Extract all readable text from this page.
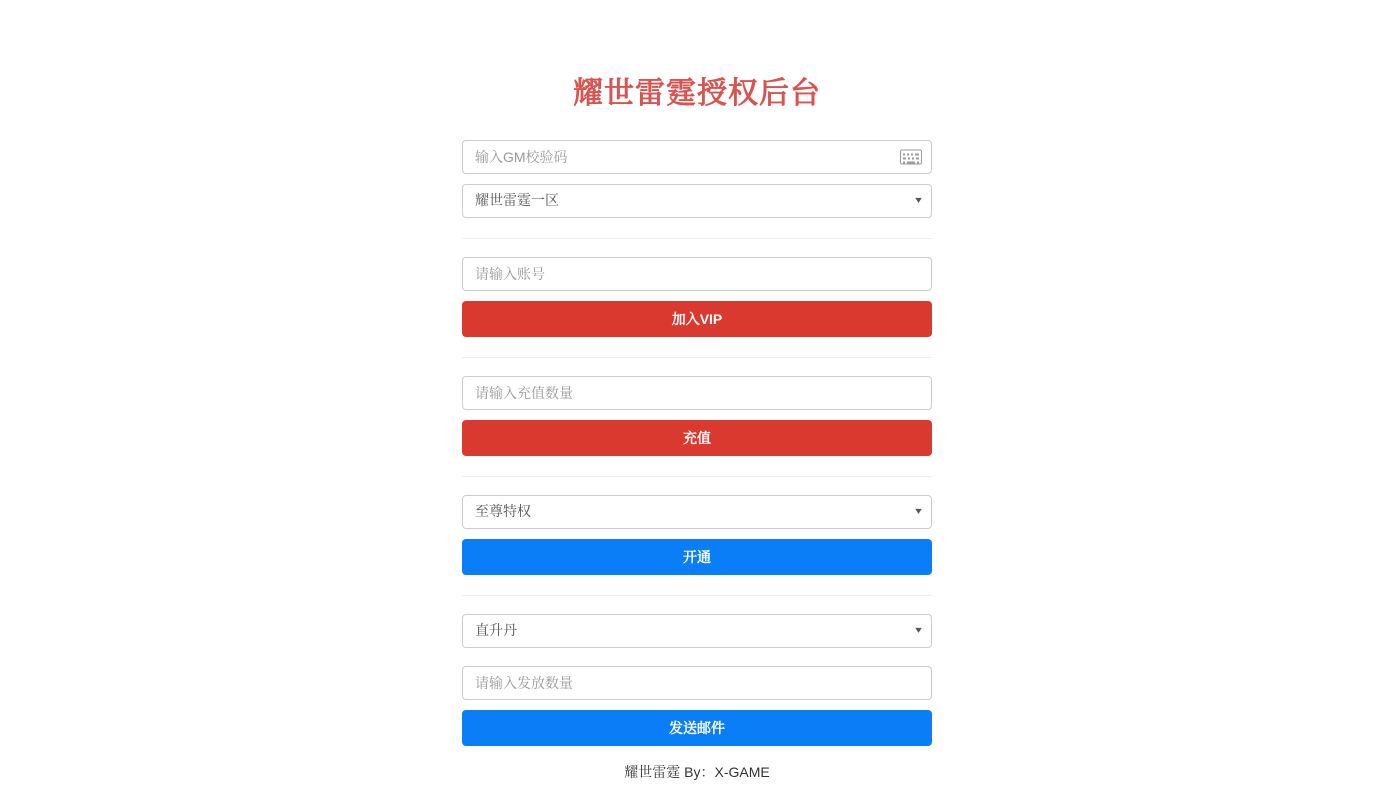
耀世雷霆授权后台
输入GM校验码
耀世雷霆一区	▾
请输入账号
加入VIP
请输入充值数量
充值
至尊特权	▾
开通
直升丹	▾
请输入发放数量
发送邮件
耀世雷霆 By：X-GAME
